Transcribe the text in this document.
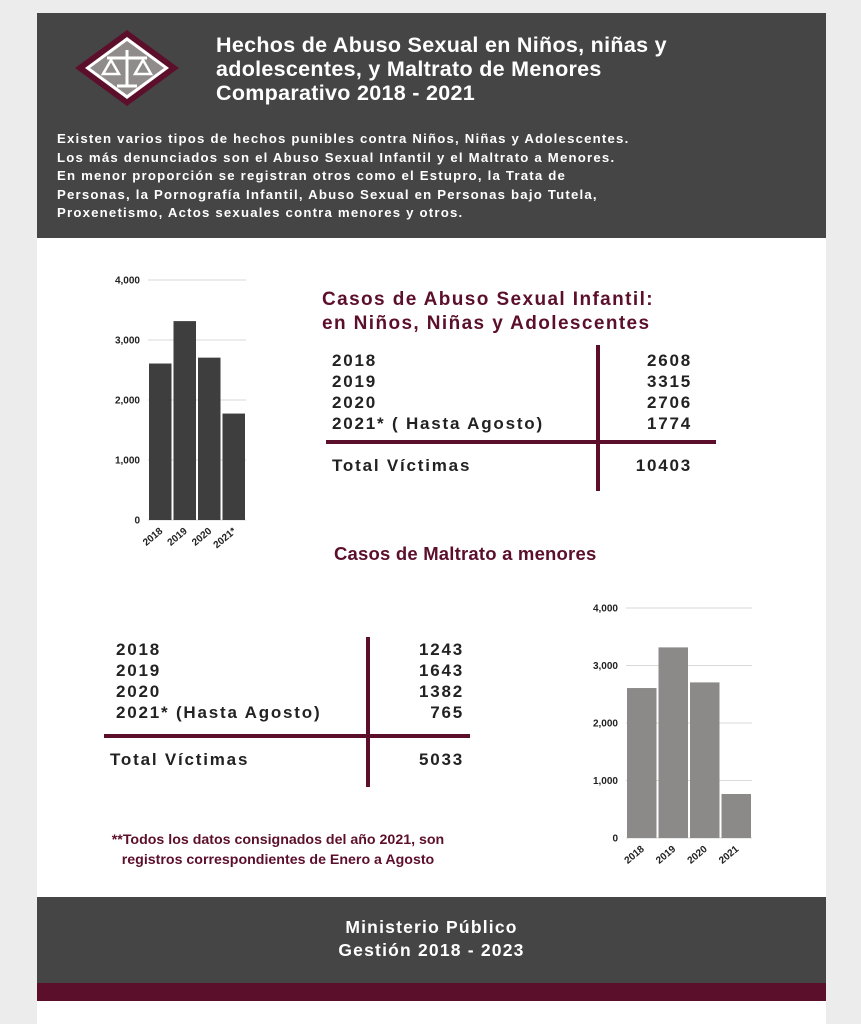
Hechos de Abuso Sexual en Niños, niñas y
adolescentes, y Maltrato de Menores
Comparativo 2018 - 2021

Existen varios tipos de hechos punibles contra Niños, Niñas y Adolescentes.
Los más denunciados son el Abuso Sexual Infantil y el Maltrato a Menores.
En menor proporción se registran otros como el Estupro, la Trata de
Personas, la Pornografía Infantil, Abuso Sexual en Personas bajo Tutela,
Proxenetismo, Actos sexuales contra menores y otros.

0
1,000
2,000
3,000
4,000
2018 2019 2020
2021*
Casos de Abuso Sexual Infantil:
en Niños, Niñas y Adolescentes
2018	2608
2019	3315
2020	2706
2021* ( Hasta Agosto)	1774
Total Víctimas	10403
Casos de Maltrato a menores
2018	1243
2019	1643
2020	1382
2021* (Hasta Agosto)	765
Total Víctimas	5033
0
1,000
2,000
3,000
4,000
2018 2019 2020 2021

**Todos los datos consignados del año 2021, son
registros correspondientes de Enero a Agosto

Ministerio Público
Gestión 2018 - 2023
